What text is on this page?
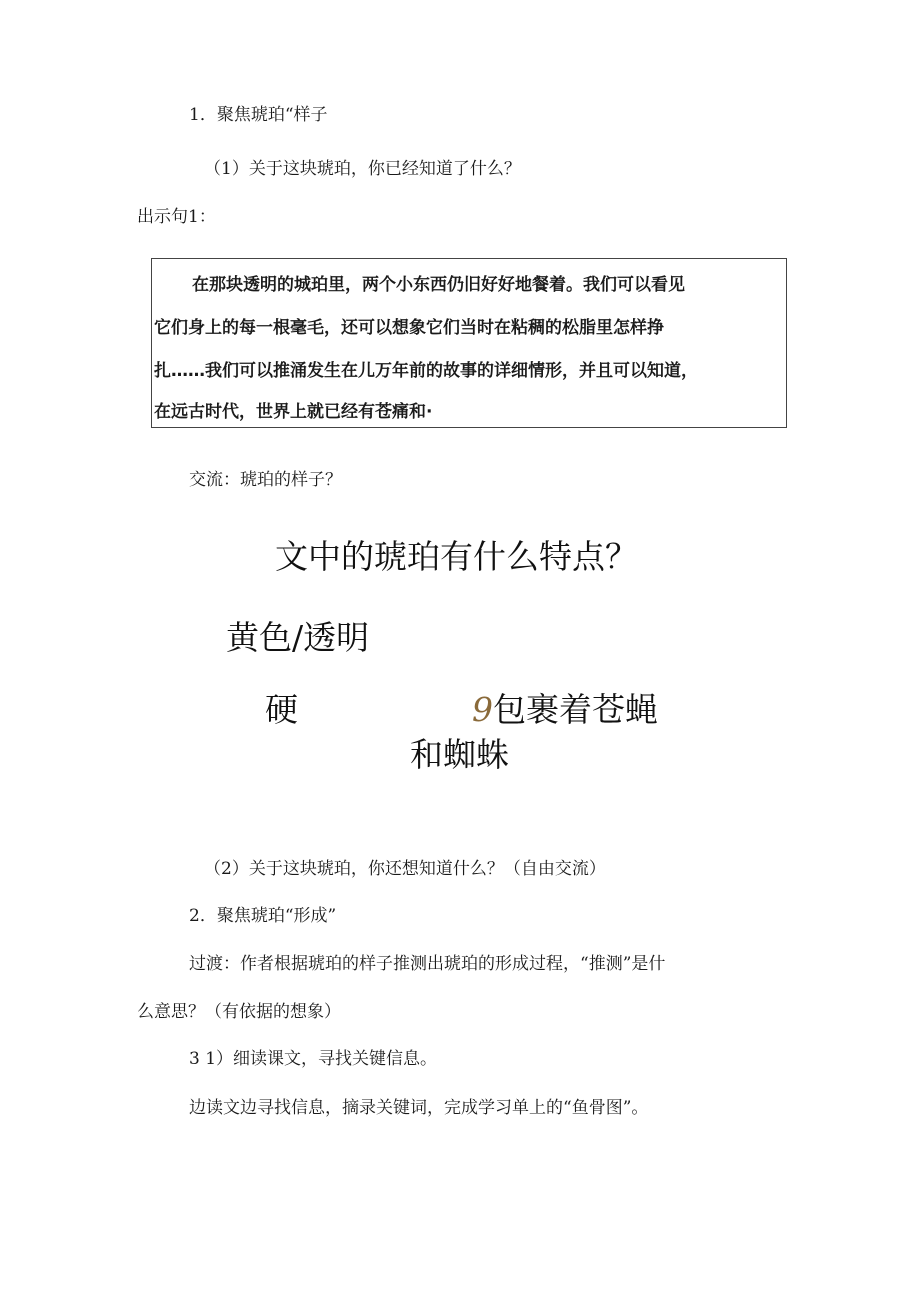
1．聚焦琥珀“样子
（1）关于这块琥珀，你已经知道了什么？
出示句1：
　　在那块透明的城珀里，两个小东西仍旧好好地餐着。我们可以看见
它们身上的每一根毫毛，还可以想象它们当时在粘稠的松脂里怎样挣
扎……我们可以推涌发生在儿万年前的故事的详细情形，并且可以知道，
在远古时代，世界上就已经有苍痛和·
交流：琥珀的样子？
文中的琥珀有什么特点？
黄色/透明
硬	9包裹着苍蝇
和蜘蛛
（2）关于这块琥珀，你还想知道什么？（自由交流）
2．聚焦琥珀“形成”
过渡：作者根据琥珀的样子推测出琥珀的形成过程，“推测”是什
么意思？（有依据的想象）
3 1）细读课文，寻找关键信息。
边读文边寻找信息，摘录关键词，完成学习单上的“鱼骨图”。
